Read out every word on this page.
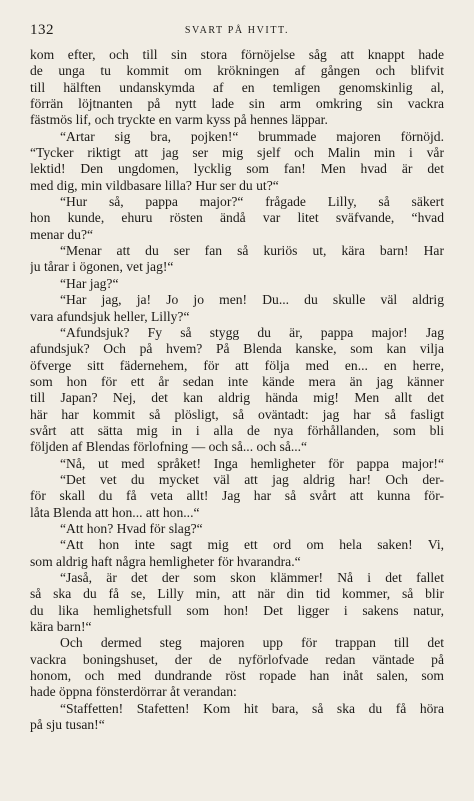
132	SVART PÅ HVITT.
kom efter, och till sin stora förnöjelse såg att knappt hade
de unga tu kommit om krökningen af gången och blifvit
till hälften undanskymda af en temligen genomskinlig al,
förrän löjtnanten på nytt lade sin arm omkring sin vackra
fästmös lif, och tryckte en varm kyss på hennes läppar.
“Artar sig bra, pojken!“ brummade majoren förnöjd.
“Tycker riktigt att jag ser mig sjelf och Malin min i vår
lektid! Den ungdomen, lycklig som fan! Men hvad är det
med dig, min vildbasare lilla? Hur ser du ut?“
“Hur så, pappa major?“ frågade Lilly, så säkert
hon kunde, ehuru rösten ändå var litet sväfvande, “hvad
menar du?“
“Menar att du ser fan så kuriös ut, kära barn! Har
ju tårar i ögonen, vet jag!“
“Har jag?“
“Har jag, ja! Jo jo men! Du... du skulle väl aldrig
vara afundsjuk heller, Lilly?“
“Afundsjuk? Fy så stygg du är, pappa major! Jag
afundsjuk? Och på hvem? På Blenda kanske, som kan vilja
öfverge sitt fädernehem, för att följa med en... en herre,
som hon för ett år sedan inte kände mera än jag känner
till Japan? Nej, det kan aldrig hända mig! Men allt det
här har kommit så plösligt, så oväntadt: jag har så fasligt
svårt att sätta mig in i alla de nya förhållanden, som bli
följden af Blendas förlofning — och så... och så...“
“Nå, ut med språket! Inga hemligheter för pappa major!“
“Det vet du mycket väl att jag aldrig har! Och der-
för skall du få veta allt! Jag har så svårt att kunna för-
låta Blenda att hon... att hon...“
“Att hon? Hvad för slag?“
“Att hon inte sagt mig ett ord om hela saken! Vi,
som aldrig haft några hemligheter för hvarandra.“
“Jaså, är det der som skon klämmer! Nå i det fallet
så ska du få se, Lilly min, att när din tid kommer, så blir
du lika hemlighetsfull som hon! Det ligger i sakens natur,
kära barn!“
Och dermed steg majoren upp för trappan till det
vackra boningshuset, der de nyförlofvade redan väntade på
honom, och med dundrande röst ropade han inåt salen, som
hade öppna fönsterdörrar åt verandan:
“Staffetten! Stafetten! Kom hit bara, så ska du få höra
på sju tusan!“
